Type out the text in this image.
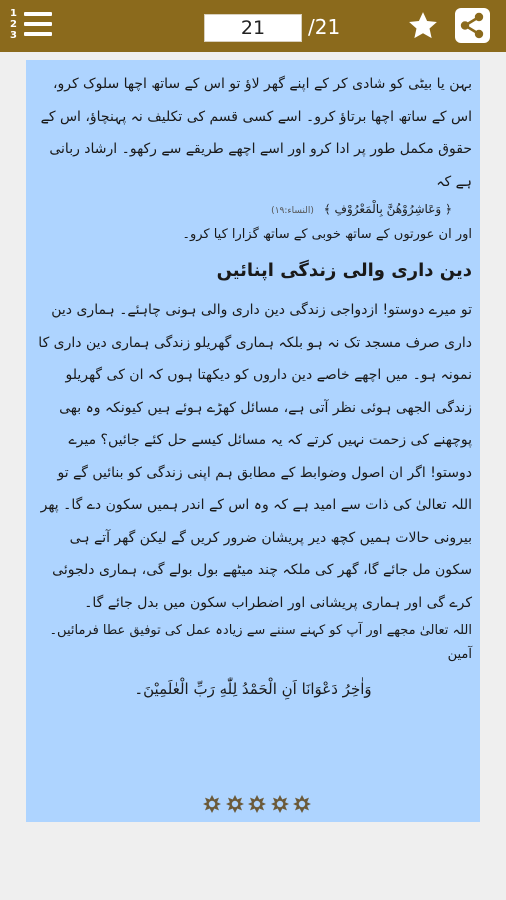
1
2
3	21	/21

بہن یا بیٹی کو شادی کر کے اپنے گھر لاؤ تو اس کے ساتھ اچھا سلوک کرو، اس کے ساتھ اچھا برتاؤ کرو۔ اسے کسی قسم کی تکلیف نہ پہنچاؤ، اس کے حقوق مکمل طور پر ادا کرو اور اسے اچھے طریقے سے رکھو۔ ارشاد ربانی ہے کہ

﴿ وَعَاشِرُوْهُنَّ بِالْمَعْرُوْفِ ﴾ (النساء:١٩)

اور ان عورتوں کے ساتھ خوبی کے ساتھ گزارا کیا کرو۔

دین داری والی زندگی اپنائیں

تو میرے دوستو! ازدواجی زندگی دین داری والی ہونی چاہئے۔ ہماری دین داری صرف مسجد تک نہ ہو بلکہ ہماری گھریلو زندگی ہماری دین داری کا نمونہ ہو۔ میں اچھے خاصے دین داروں کو دیکھتا ہوں کہ ان کی گھریلو زندگی الجھی ہوئی نظر آتی ہے، مسائل کھڑے ہوئے ہیں کیونکہ وہ بھی پوچھنے کی زحمت نہیں کرتے کہ یہ مسائل کیسے حل کئے جائیں؟ میرے دوستو! اگر ان اصول وضوابط کے مطابق ہم اپنی زندگی کو بنائیں گے تو اللہ تعالیٰ کی ذات سے امید ہے کہ وہ اس کے اندر ہمیں سکون دے گا۔ پھر بیرونی حالات ہمیں کچھ دیر پریشان ضرور کریں گے لیکن گھر آتے ہی سکون مل جائے گا، گھر کی ملکہ چند میٹھے بول بولے گی، ہماری دلجوئی کرے گی اور ہماری پریشانی اور اضطراب سکون میں بدل جائے گا۔

اللہ تعالیٰ مجھے اور آپ کو کہنے سننے سے زیادہ عمل کی توفیق عطا فرمائیں۔

آمین

وَاٰخِرُ دَعْوَانَا اَنِ الْحَمْدُ لِلّٰهِ رَبِّ الْعٰلَمِيْنَ۔
